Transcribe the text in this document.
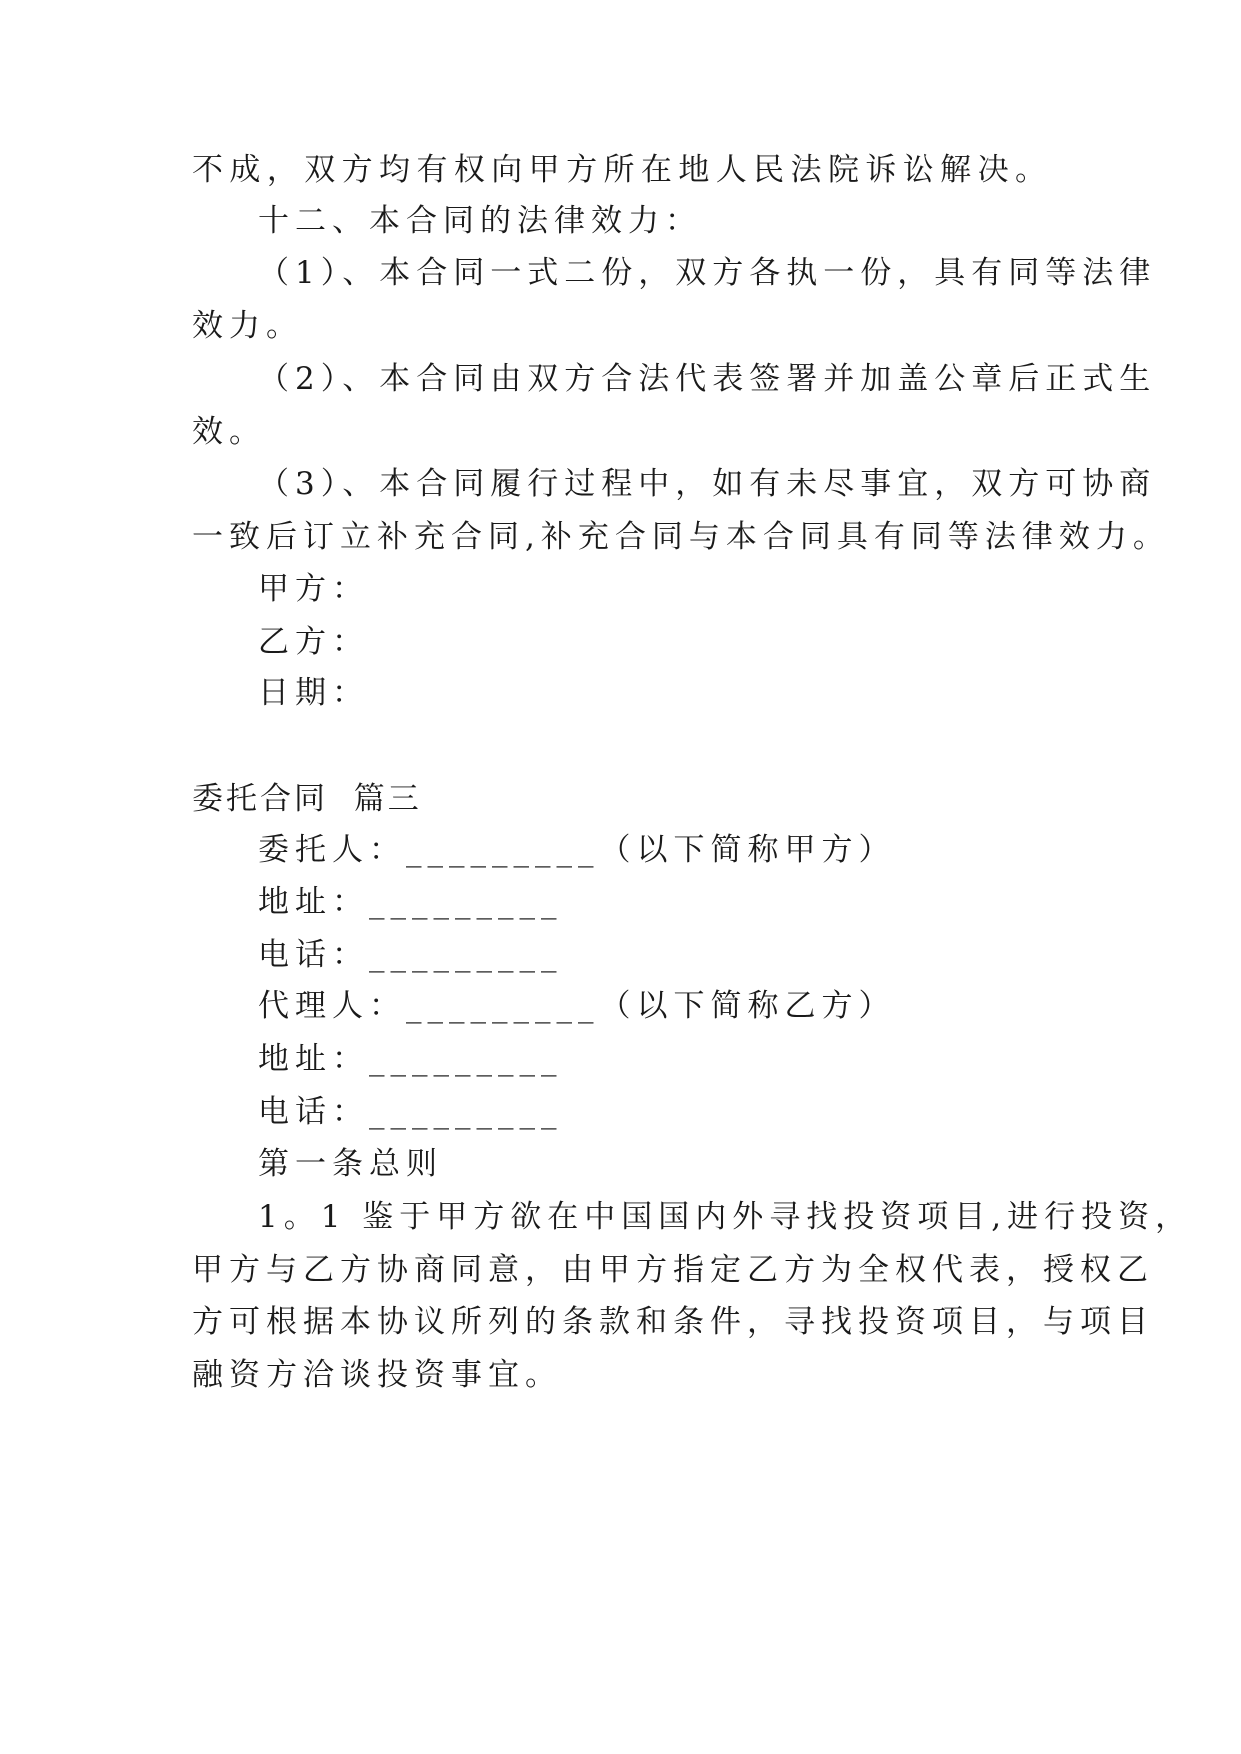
不成，双方均有权向甲方所在地人民法院诉讼解决。
十二、本合同的法律效力：
（1）、本合同一式二份，双方各执一份，具有同等法律
效力。
（2）、本合同由双方合法代表签署并加盖公章后正式生
效。
（3）、本合同履行过程中，如有未尽事宜，双方可协商
一致后订立补充合同,补充合同与本合同具有同等法律效力。
甲方：
乙方：
日期：
委托合同  篇三
委托人：_________（以下简称甲方）
地址：_________
电话：_________
代理人：_________（以下简称乙方）
地址：_________
电话：_________
第一条总则
1。1 鉴于甲方欲在中国国内外寻找投资项目,进行投资，
甲方与乙方协商同意，由甲方指定乙方为全权代表，授权乙
方可根据本协议所列的条款和条件，寻找投资项目，与项目
融资方洽谈投资事宜。
